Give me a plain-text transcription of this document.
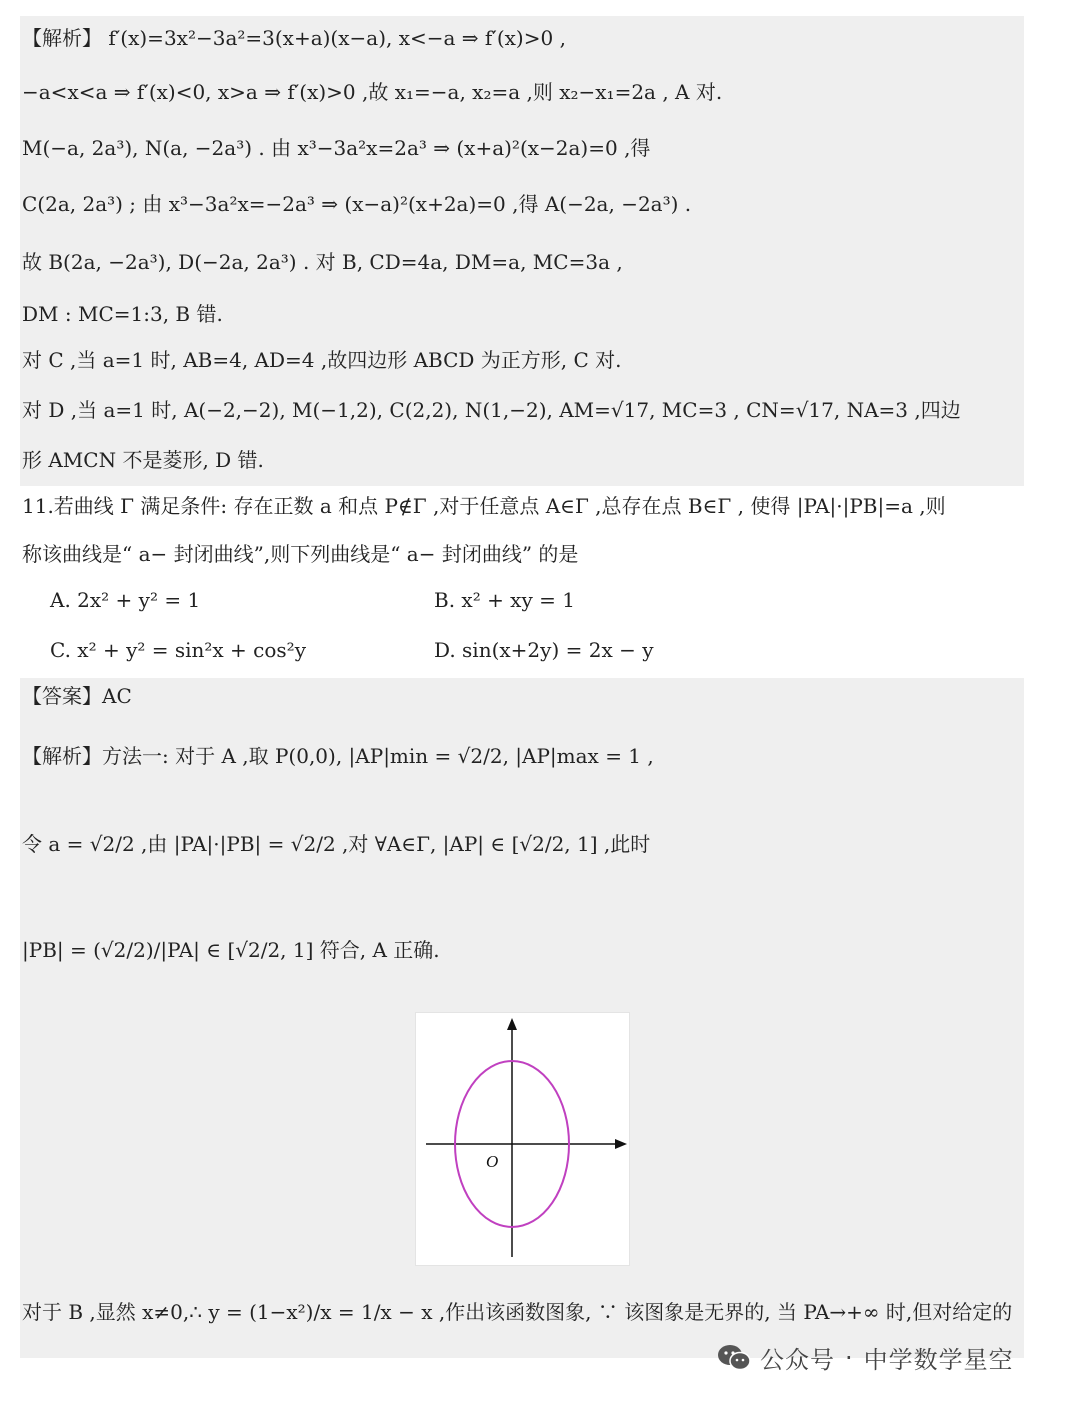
【解析】 f′(x)=3x²−3a²=3(x+a)(x−a), x<−a ⇒ f′(x)>0 ,
−a<x<a ⇒ f′(x)<0, x>a ⇒ f′(x)>0 ,故 x₁=−a, x₂=a ,则 x₂−x₁=2a , A 对.
M(−a, 2a³), N(a, −2a³) . 由 x³−3a²x=2a³ ⇒ (x+a)²(x−2a)=0 ,得
C(2a, 2a³) ; 由 x³−3a²x=−2a³ ⇒ (x−a)²(x+2a)=0 ,得 A(−2a, −2a³) .
故 B(2a, −2a³), D(−2a, 2a³) . 对 B, CD=4a, DM=a, MC=3a ,
DM : MC=1:3, B 错.
对 C ,当 a=1 时, AB=4, AD=4 ,故四边形 ABCD 为正方形, C 对.
对 D ,当 a=1 时, A(−2,−2), M(−1,2), C(2,2), N(1,−2), AM=√17, MC=3 , CN=√17, NA=3 ,四边
形 AMCN 不是菱形, D 错.
11.若曲线 Γ 满足条件: 存在正数 a 和点 P∉Γ ,对于任意点 A∈Γ ,总存在点 B∈Γ , 使得 |PA|·|PB|=a ,则
称该曲线是“ a− 封闭曲线”,则下列曲线是“ a− 封闭曲线” 的是
A. 2x² + y² = 1	B. x² + xy = 1
C. x² + y² = sin²x + cos²y	D. sin(x+2y) = 2x − y
【答案】AC
【解析】方法一: 对于 A ,取 P(0,0), |AP|min = √2/2, |AP|max = 1 ,
令 a = √2/2 ,由 |PA|·|PB| = √2/2 ,对 ∀A∈Γ, |AP| ∈ [√2/2, 1] ,此时
|PB| = (√2/2)/|PA| ∈ [√2/2, 1] 符合, A 正确.
O
对于 B ,显然 x≠0,∴ y = (1−x²)/x = 1/x − x ,作出该函数图象, ∵ 该图象是无界的, 当 PA→+∞ 时,但对给定的
公众号 · 中学数学星空
